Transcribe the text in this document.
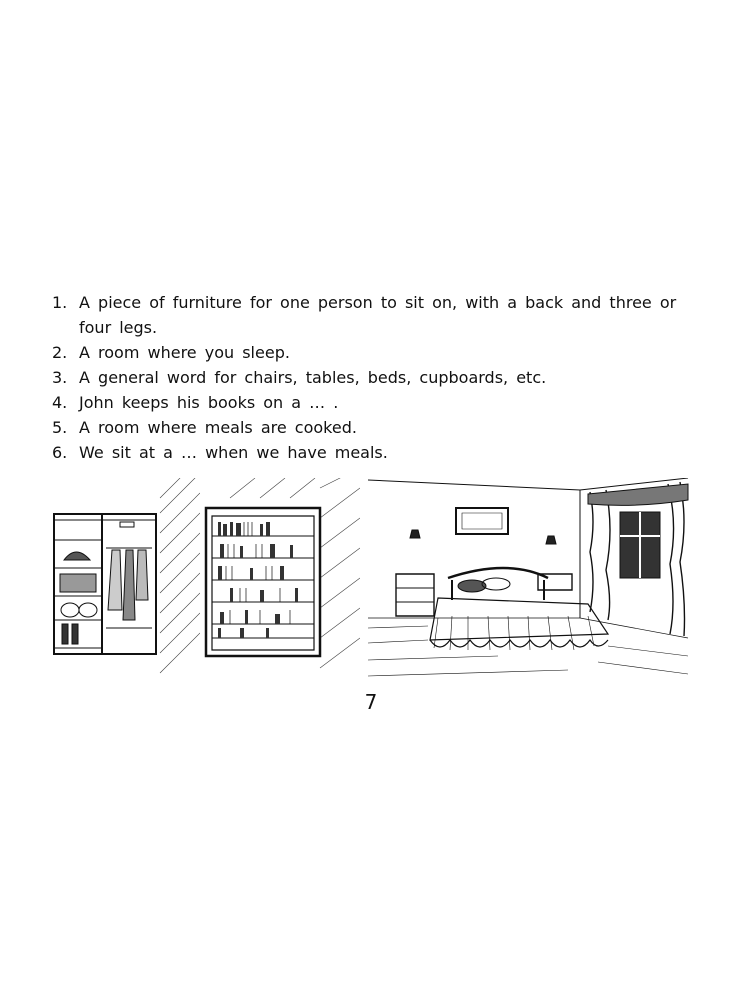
1. A piece of furniture for one person to sit on, with a back and three or four legs.
2. A room where you sleep.
3. A general word for chairs, tables, beds, cupboards, etc.
4. John keeps his books on a … .
5. A room where meals are cooked.
6. We sit at a … when we have meals.
7
